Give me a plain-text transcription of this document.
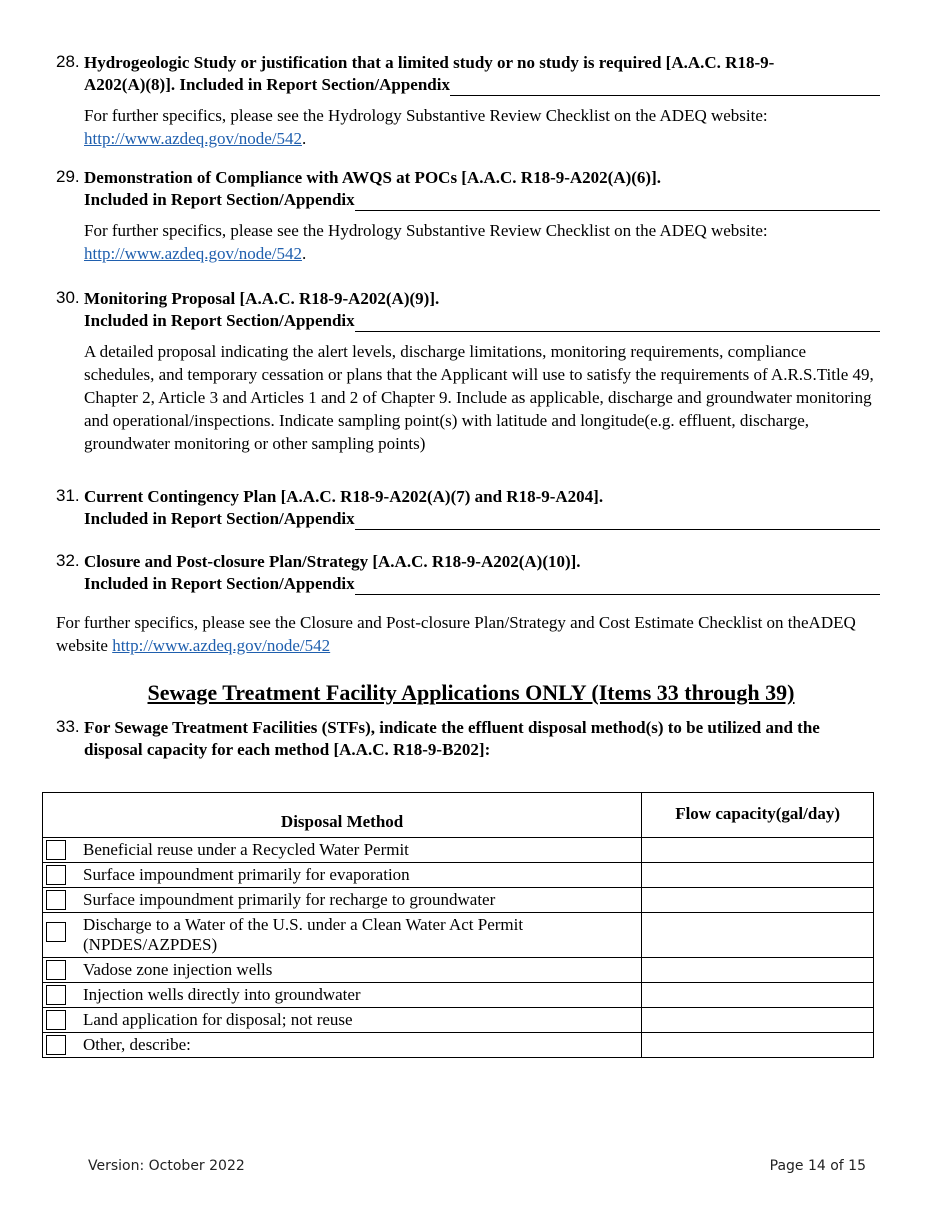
28. Hydrogeologic Study or justification that a limited study or no study is required [A.A.C. R18-9-
A202(A)(8)]. Included in Report Section/Appendix
For further specifics, please see the Hydrology Substantive Review Checklist on the ADEQ website:
http://www.azdeq.gov/node/542.
29. Demonstration of Compliance with AWQS at POCs [A.A.C. R18-9-A202(A)(6)].
Included in Report Section/Appendix
For further specifics, please see the Hydrology Substantive Review Checklist on the ADEQ website:
http://www.azdeq.gov/node/542.
30. Monitoring Proposal [A.A.C. R18-9-A202(A)(9)].
Included in Report Section/Appendix
A detailed proposal indicating the alert levels, discharge limitations, monitoring requirements, compliance schedules, and temporary cessation or plans that the Applicant will use to satisfy the requirements of A.R.S.Title 49, Chapter 2, Article 3 and Articles 1 and 2 of Chapter 9. Include as applicable, discharge and groundwater monitoring and operational/inspections. Indicate sampling point(s) with latitude and longitude(e.g. effluent, discharge, groundwater monitoring or other sampling points)
31. Current Contingency Plan [A.A.C. R18-9-A202(A)(7) and R18-9-A204].
Included in Report Section/Appendix
32. Closure and Post-closure Plan/Strategy [A.A.C. R18-9-A202(A)(10)].
Included in Report Section/Appendix
For further specifics, please see the Closure and Post-closure Plan/Strategy and Cost Estimate Checklist on theADEQ website http://www.azdeq.gov/node/542
Sewage Treatment Facility Applications ONLY (Items 33 through 39)
33. For Sewage Treatment Facilities (STFs), indicate the effluent disposal method(s) to be utilized and the disposal capacity for each method [A.A.C. R18-9-B202]:
Disposal Method	Flow capacity(gal/day)

Beneficial reuse under a Recycled Water Permit	

Surface impoundment primarily for evaporation	

Surface impoundment primarily for recharge to groundwater	

Discharge to a Water of the U.S. under a Clean Water Act Permit
(NPDES/AZPDES)	

Vadose zone injection wells	

Injection wells directly into groundwater	

Land application for disposal; not reuse	

Other, describe:	
Version: October 2022	Page 14 of 15
